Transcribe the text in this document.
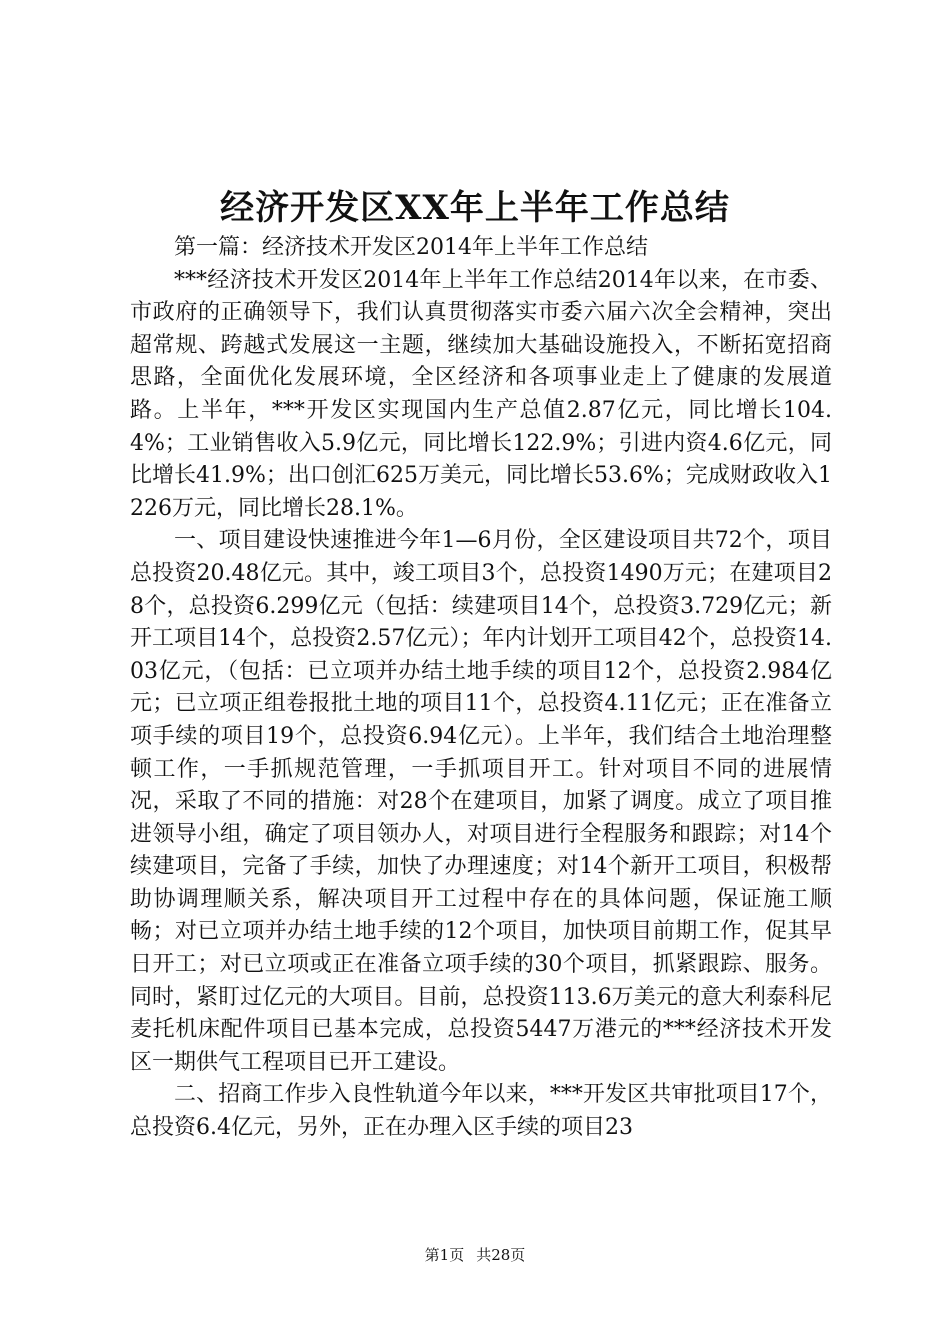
经济开发区XX年上半年工作总结

第一篇：经济技术开发区2014年上半年工作总结

***经济技术开发区2014年上半年工作总结2014年以来，在市委、市政府的正确领导下，我们认真贯彻落实市委六届六次全会精神，突出超常规、跨越式发展这一主题，继续加大基础设施投入，不断拓宽招商思路，全面优化发展环境，全区经济和各项事业走上了健康的发展道路。上半年，***开发区实现国内生产总值2.87亿元，同比增长104.4%；工业销售收入5.9亿元，同比增长122.9%；引进内资4.6亿元，同比增长41.9%；出口创汇625万美元，同比增长53.6%；完成财政收入1226万元，同比增长28.1%。

一、项目建设快速推进今年1—6月份，全区建设项目共72个，项目总投资20.48亿元。其中，竣工项目3个，总投资1490万元；在建项目28个，总投资6.299亿元（包括：续建项目14个，总投资3.729亿元；新开工项目14个，总投资2.57亿元）；年内计划开工项目42个，总投资14.03亿元，（包括：已立项并办结土地手续的项目12个，总投资2.984亿元；已立项正组卷报批土地的项目11个，总投资4.11亿元；正在准备立项手续的项目19个，总投资6.94亿元）。上半年，我们结合土地治理整顿工作，一手抓规范管理，一手抓项目开工。针对项目不同的进展情况，采取了不同的措施：对28个在建项目，加紧了调度。成立了项目推进领导小组，确定了项目领办人，对项目进行全程服务和跟踪；对14个续建项目，完备了手续，加快了办理速度；对14个新开工项目，积极帮助协调理顺关系，解决项目开工过程中存在的具体问题，保证施工顺畅；对已立项并办结土地手续的12个项目，加快项目前期工作，促其早日开工；对已立项或正在准备立项手续的30个项目，抓紧跟踪、服务。同时，紧盯过亿元的大项目。目前，总投资113.6万美元的意大利泰科尼麦托机床配件项目已基本完成，总投资5447万港元的***经济技术开发区一期供气工程项目已开工建设。

二、招商工作步入良性轨道今年以来，***开发区共审批项目17个，总投资6.4亿元，另外，正在办理入区手续的项目23

第1页 共28页
